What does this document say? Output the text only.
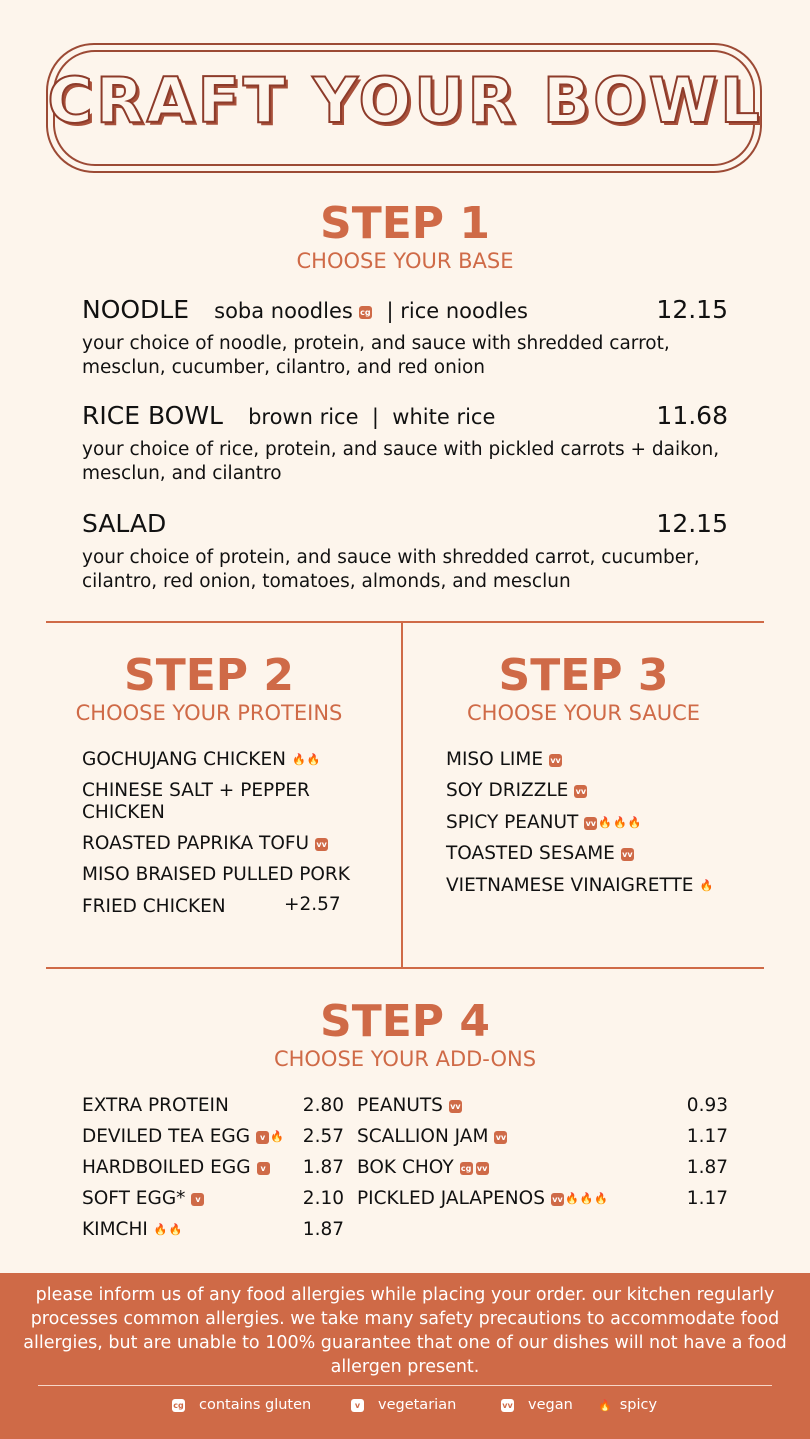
CRAFT YOUR BOWL
STEP 1
CHOOSE YOUR BASE
NOODLE soba noodles cg | rice noodles	12.15
your choice of noodle, protein, and sauce with shredded carrot, mesclun, cucumber, cilantro, and red onion
RICE BOWL brown rice  |  white rice	11.68
your choice of rice, protein, and sauce with pickled carrots + daikon, mesclun, and cilantro
SALAD	12.15
your choice of protein, and sauce with shredded carrot, cucumber, cilantro, red onion, tomatoes, almonds, and mesclun
STEP 2
CHOOSE YOUR PROTEINS
GOCHUJANG CHICKEN 🔥🔥
CHINESE SALT + PEPPER CHICKEN
ROASTED PAPRIKA TOFU vv
MISO BRAISED PULLED PORK
FRIED CHICKEN	+2.57
STEP 3
CHOOSE YOUR SAUCE
MISO LIME vv
SOY DRIZZLE vv
SPICY PEANUT vv 🔥🔥🔥
TOASTED SESAME vv
VIETNAMESE VINAIGRETTE 🔥
STEP 4
CHOOSE YOUR ADD-ONS
EXTRA PROTEIN	2.80
DEVILED TEA EGG v 🔥	2.57
HARDBOILED EGG v	1.87
SOFT EGG* v	2.10
KIMCHI 🔥🔥	1.87
PEANUTS vv	0.93
SCALLION JAM vv	1.17
BOK CHOY cg vv	1.87
PICKLED JALAPENOS vv 🔥🔥🔥	1.17
please inform us of any food allergies while placing your order. our kitchen regularly processes common allergies. we take many safety precautions to accommodate food allergies, but are unable to 100% guarantee that one of our dishes will not have a food allergen present.
cg contains gluten	v vegetarian	vv vegan 🔥 spicy
